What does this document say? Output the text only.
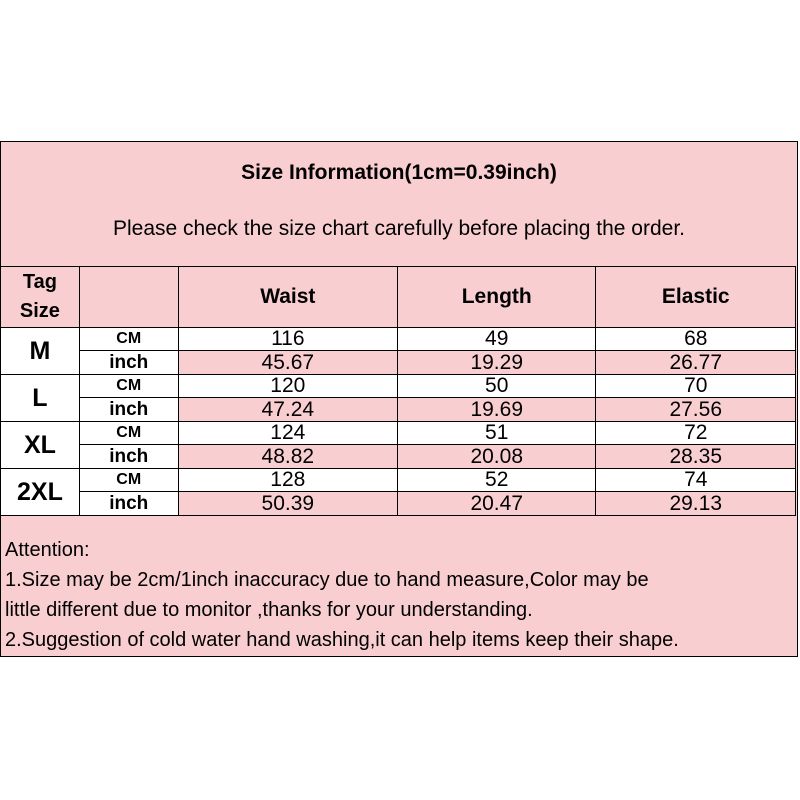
Size Information(1cm=0.39inch)
Please check the size chart carefully before placing the order.
Tag
Size		Waist	Length	Elastic
M	CM	116	49	68
	inch	45.67	19.29	26.77
L	CM	120	50	70
	inch	47.24	19.69	27.56
XL	CM	124	51	72
	inch	48.82	20.08	28.35
2XL	CM	128	52	74
	inch	50.39	20.47	29.13
Attention:
1.Size may be 2cm/1inch inaccuracy due to hand measure,Color may be
little different due to monitor ,thanks for your understanding.
2.Suggestion of cold water hand washing,it can help items keep their shape.
